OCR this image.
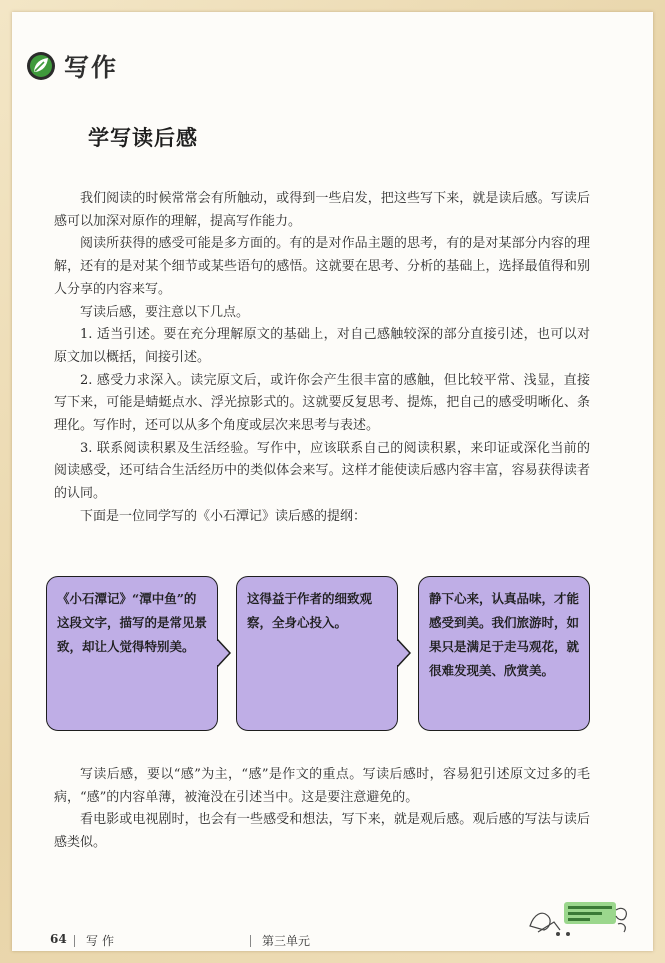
写作
学写读后感

我们阅读的时候常常会有所触动，或得到一些启发，把这些写下来，就是读后感。写读后感可以加深对原作的理解，提高写作能力。

阅读所获得的感受可能是多方面的。有的是对作品主题的思考，有的是对某部分内容的理解，还有的是对某个细节或某些语句的感悟。这就要在思考、分析的基础上，选择最值得和别人分享的内容来写。

写读后感，要注意以下几点。

1. 适当引述。要在充分理解原文的基础上，对自己感触较深的部分直接引述，也可以对原文加以概括，间接引述。

2. 感受力求深入。读完原文后，或许你会产生很丰富的感触，但比较平常、浅显，直接写下来，可能是蜻蜓点水、浮光掠影式的。这就要反复思考、提炼，把自己的感受明晰化、条理化。写作时，还可以从多个角度或层次来思考与表述。

3. 联系阅读积累及生活经验。写作中，应该联系自己的阅读积累，来印证或深化当前的阅读感受，还可结合生活经历中的类似体会来写。这样才能使读后感内容丰富，容易获得读者的认同。

下面是一位同学写的《小石潭记》读后感的提纲：

《小石潭记》“潭中鱼”的这段文字，描写的是常见景致，却让人觉得特别美。
这得益于作者的细致观察，全身心投入。
静下心来，认真品味，才能感受到美。我们旅游时，如果只是满足于走马观花，就很难发现美、欣赏美。

写读后感，要以“感”为主，“感”是作文的重点。写读后感时，容易犯引述原文过多的毛病，“感”的内容单薄，被淹没在引述当中。这是要注意避免的。

看电影或电视剧时，也会有一些感受和想法，写下来，就是观后感。观后感的写法与读后感类似。

64 写作	第三单元
